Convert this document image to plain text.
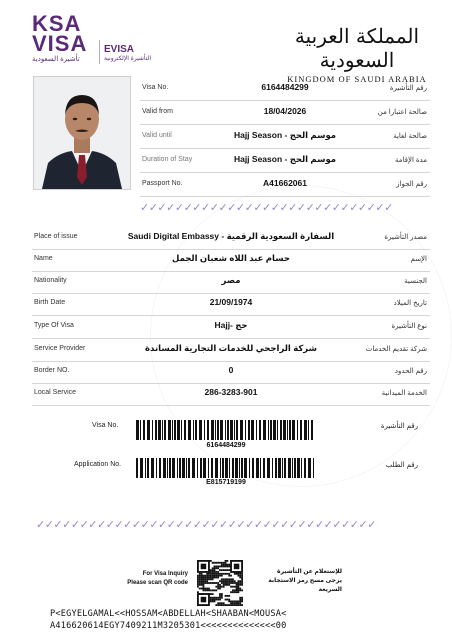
KSA
VISA
تأشيرة السعودية
EVISA
التأشيرة الإلكترونية
المملكة العربية السعودية
KINGDOM OF SAUDI ARABIA
Visa No.	6164484299	رقم التأشيرة
Valid from	18/04/2026	صالحة اعتبارا من
Valid until	Hajj Season - موسم الحج	صالحة لغاية
Duration of Stay	Hajj Season - موسم الحج	مدة الإقامة
Passport No.	A41662061	رقم الجواز
✓✓✓✓✓✓✓✓✓✓✓✓✓✓✓✓✓✓✓✓✓✓✓✓✓✓✓✓✓
Place of issue	Saudi Digital Embassy - السفارة السعودية الرقمية	مصدر التأشيرة
Name	حسام عبد اللاه شعبان الجمل	الإسم
Nationality	مصر	الجنسية
Birth Date	21/09/1974	تاريخ الميلاد
Type Of Visa	Hajj- حج	نوع التأشيرة
Service Provider	شركة الراجحي للخدمات التجارية المساندة	شركة تقديم الخدمات
Border NO.	0	رقم الحدود
Local Service	286-3283-901	الخدمة الميدانية
Visa No.	رقم التأشيرة
6164484299
Application No.	رقم الطلب
E815719199
✓✓✓✓✓✓✓✓✓✓✓✓✓✓✓✓✓✓✓✓✓✓✓✓✓✓✓✓✓✓✓✓✓✓✓✓✓✓✓
For Visa Inquiry
Please scan QR code
للإستعلام عن التأشيرة
يرجى مسح رمز الاستجابة السريعة
P<EGYELGAMAL<<HOSSAM<ABDELLAH<SHAABAN<MOUSA<
A416620614EGY7409211M3205301<<<<<<<<<<<<<<00
